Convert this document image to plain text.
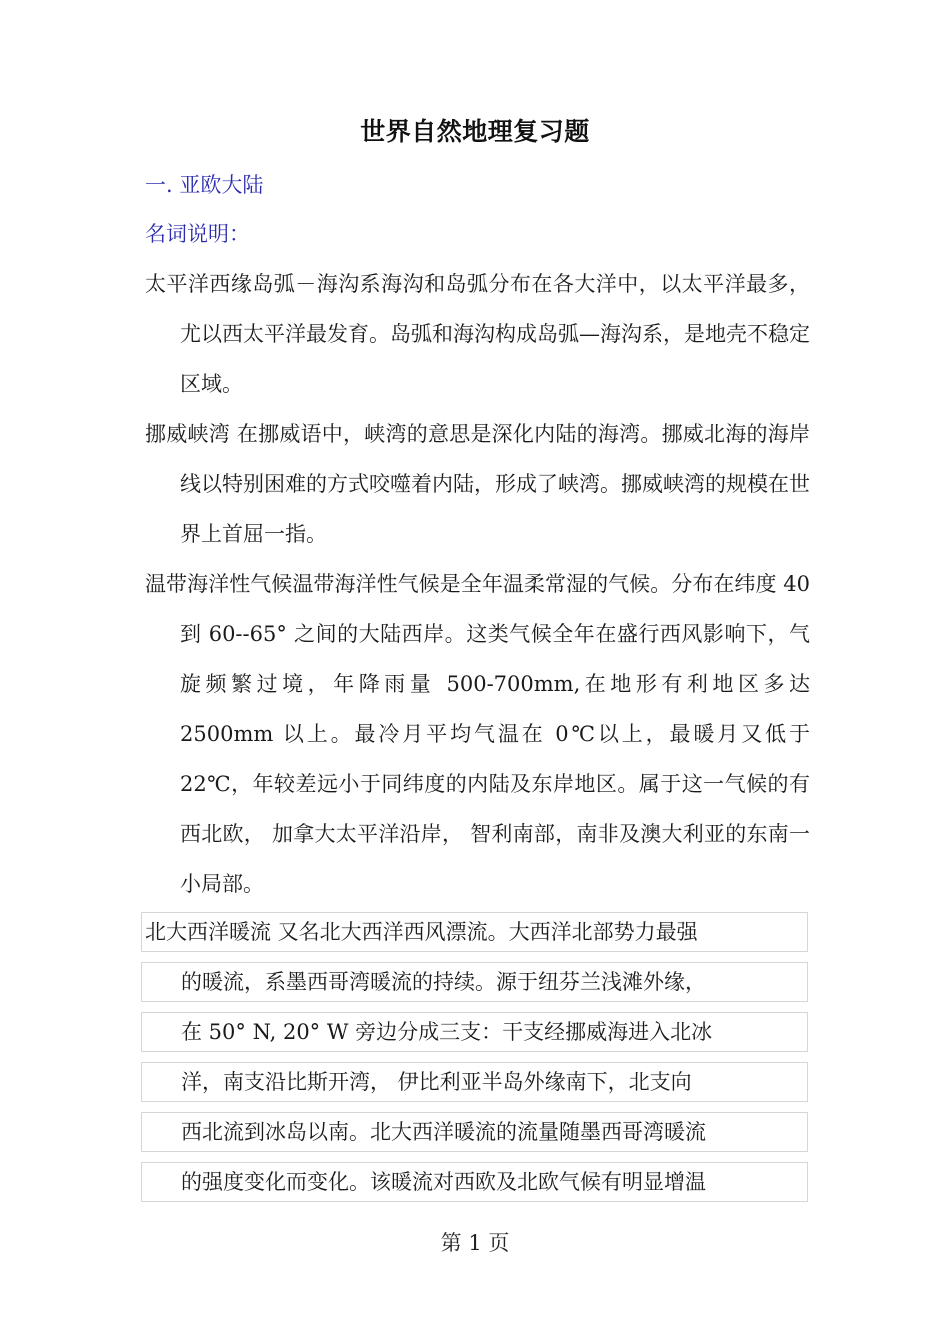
世界自然地理复习题
一. 亚欧大陆
名词说明：

太平洋西缘岛弧－海沟系海沟和岛弧分布在各大洋中，以太平洋最多，尤以西太平洋最发育。岛弧和海沟构成岛弧—海沟系，是地壳不稳定区域。

挪威峡湾 在挪威语中，峡湾的意思是深化内陆的海湾。挪威北海的海岸线以特别困难的方式咬噬着内陆，形成了峡湾。挪威峡湾的规模在世界上首屈一指。

温带海洋性气候温带海洋性气候是全年温柔常湿的气候。分布在纬度 40 到 60--65° 之间的大陆西岸。这类气候全年在盛行西风影响下，气旋频繁过境，年降雨量 500-700mm,在地形有利地区多达 2500mm 以上。最冷月平均气温在 0℃以上，最暖月又低于 22℃，年较差远小于同纬度的内陆及东岸地区。属于这一气候的有西北欧， 加拿大太平洋沿岸， 智利南部，南非及澳大利亚的东南一小局部。

北大西洋暖流 又名北大西洋西风漂流。大西洋北部势力最强
的暖流，系墨西哥湾暖流的持续。源于纽芬兰浅滩外缘，
在 50° N, 20° W 旁边分成三支：干支经挪威海进入北冰
洋，南支沿比斯开湾， 伊比利亚半岛外缘南下，北支向
西北流到冰岛以南。北大西洋暖流的流量随墨西哥湾暖流
的强度变化而变化。该暖流对西欧及北欧气候有明显增温
第 1 页
